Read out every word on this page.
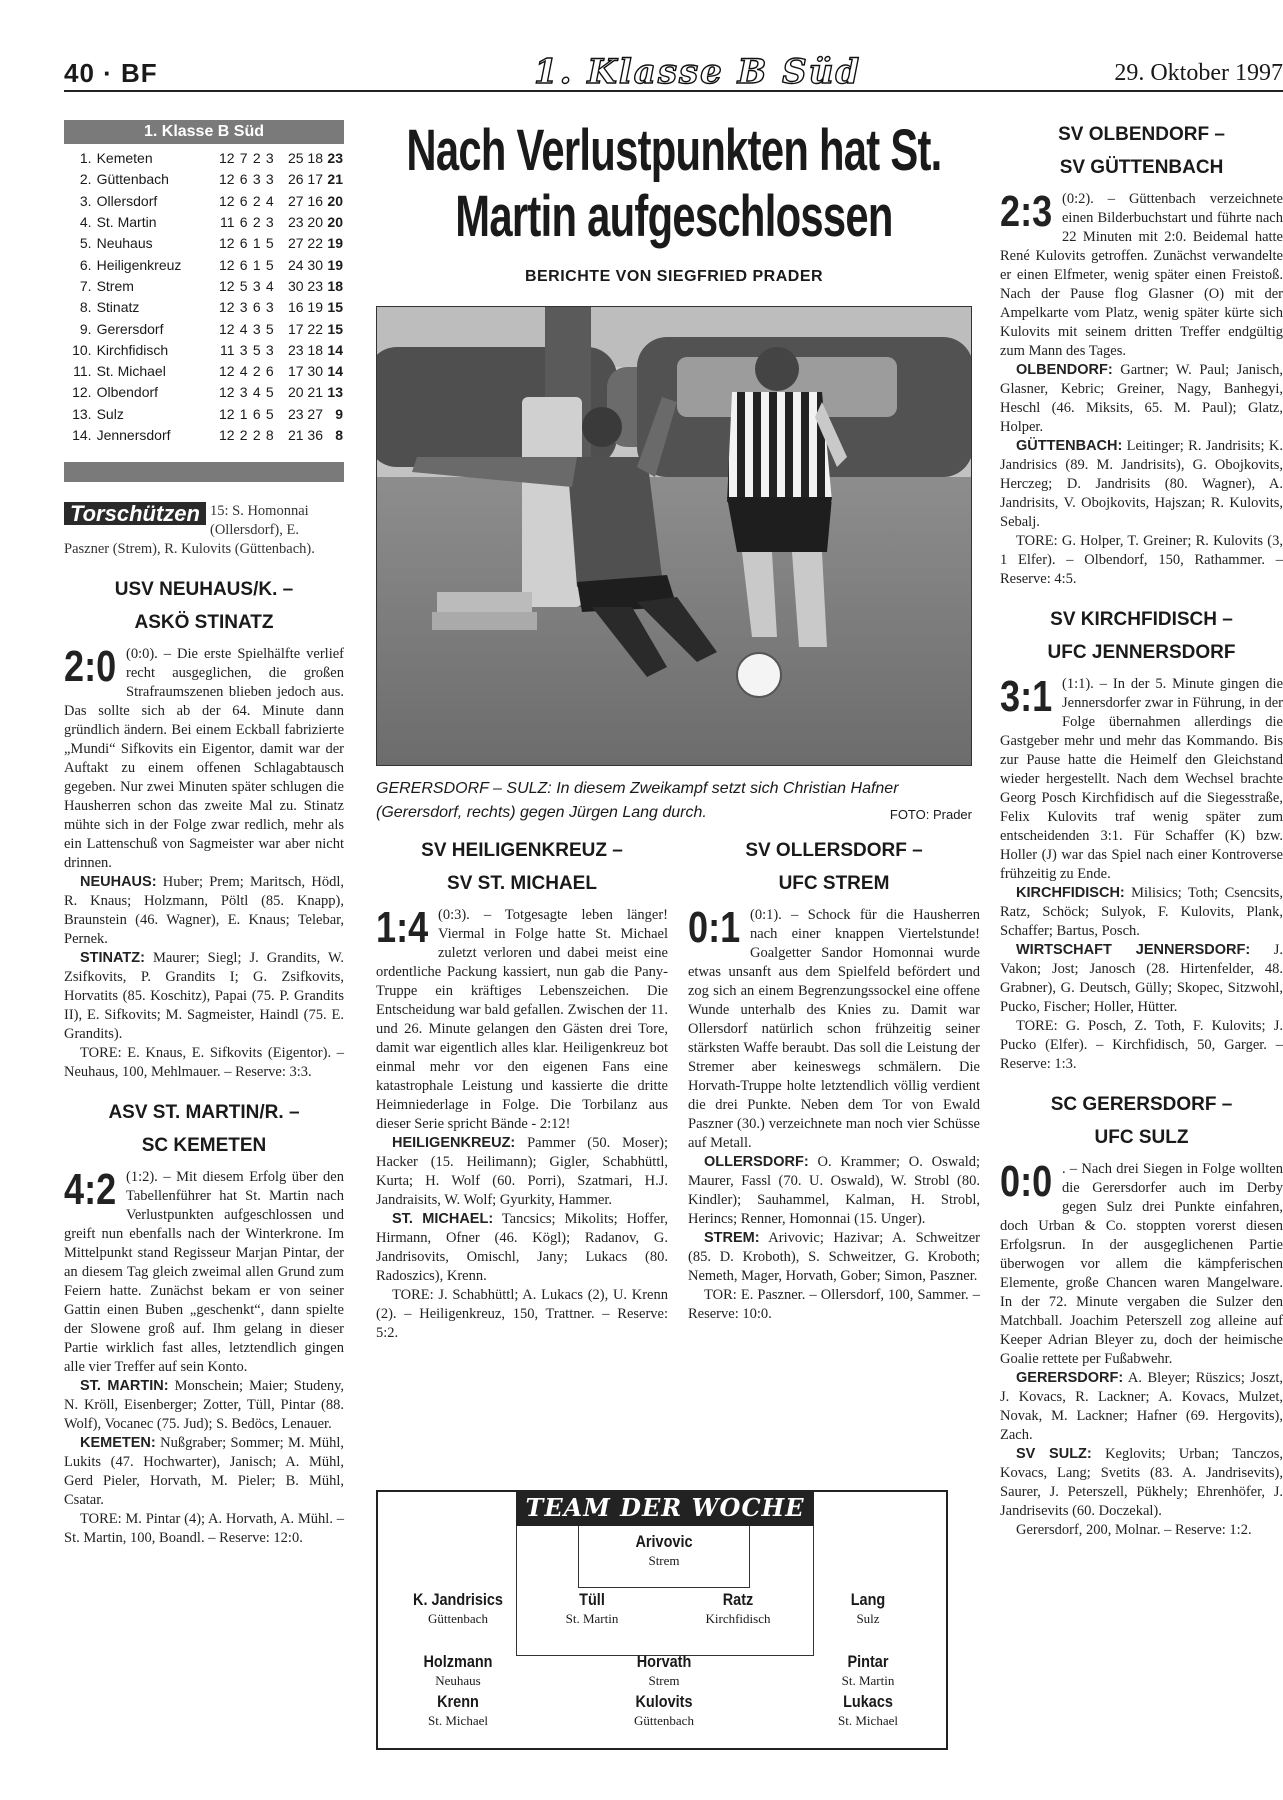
40 · BF	1. Klasse B Süd	29. Oktober 1997
1. Klasse B Süd
1.	Kemeten	12	7	2	3	25 18	23
2.	Güttenbach	12	6	3	3	26 17	21
3.	Ollersdorf	12	6	2	4	27 16	20
4.	St. Martin	11	6	2	3	23 20	20
5.	Neuhaus	12	6	1	5	27 22	19
6.	Heiligenkreuz	12	6	1	5	24 30	19
7.	Strem	12	5	3	4	30 23	18
8.	Stinatz	12	3	6	3	16 19	15
9.	Gerersdorf	12	4	3	5	17 22	15
10.	Kirchfidisch	11	3	5	3	23 18	14
11.	St. Michael	12	4	2	6	17 30	14
12.	Olbendorf	12	3	4	5	20 21	13
13.	Sulz	12	1	6	5	23 27	9
14.	Jennersdorf	12	2	2	8	21 36	8
Torschützen 15: S. Homonnai (Ollersdorf), E. Paszner (Strem), R. Kulovits (Güttenbach).
USV NEUHAUS/K. –
ASKÖ STINATZ

2:0 (0:0). – Die erste Spielhälfte verlief recht ausgeglichen, die großen Strafraumszenen blieben jedoch aus. Das sollte sich ab der 64. Minute dann gründlich ändern. Bei einem Eckball fabrizierte „Mundi“ Sifkovits ein Eigentor, damit war der Auftakt zu einem offenen Schlagabtausch gegeben. Nur zwei Minuten später schlugen die Hausherren schon das zweite Mal zu. Stinatz mühte sich in der Folge zwar redlich, mehr als ein Lattenschuß von Sagmeister war aber nicht drinnen.

NEUHAUS: Huber; Prem; Maritsch, Hödl, R. Knaus; Holzmann, Pöltl (85. Knapp), Braunstein (46. Wagner), E. Knaus; Telebar, Pernek.

STINATZ: Maurer; Siegl; J. Grandits, W. Zsifkovits, P. Grandits I; G. Zsifkovits, Horvatits (85. Koschitz), Papai (75. P. Grandits II), E. Sifkovits; M. Sagmeister, Haindl (75. E. Grandits).

TORE: E. Knaus, E. Sifkovits (Eigentor). – Neuhaus, 100, Mehlmauer. – Reserve: 3:3.

ASV ST. MARTIN/R. –
SC KEMETEN

4:2 (1:2). – Mit diesem Erfolg über den Tabellenführer hat St. Martin nach Verlustpunkten aufgeschlossen und greift nun ebenfalls nach der Winterkrone. Im Mittelpunkt stand Regisseur Marjan Pintar, der an diesem Tag gleich zweimal allen Grund zum Feiern hatte. Zunächst bekam er von seiner Gattin einen Buben „geschenkt“, dann spielte der Slowene groß auf. Ihm gelang in dieser Partie wirklich fast alles, letztendlich gingen alle vier Treffer auf sein Konto.

ST. MARTIN: Monschein; Maier; Studeny, N. Kröll, Eisenberger; Zotter, Tüll, Pintar (88. Wolf), Vocanec (75. Jud); S. Bedöcs, Lenauer.

KEMETEN: Nußgraber; Sommer; M. Mühl, Lukits (47. Hochwarter), Janisch; A. Mühl, Gerd Pieler, Horvath, M. Pieler; B. Mühl, Csatar.

TORE: M. Pintar (4); A. Horvath, A. Mühl. – St. Martin, 100, Boandl. – Reserve: 12:0.

Nach Verlustpunkten hat St. Martin aufgeschlossen
BERICHTE VON SIEGFRIED PRADER
GERERSDORF – SULZ: In diesem Zweikampf setzt sich Christian Hafner (Gerersdorf, rechts) gegen Jürgen Lang durch.	FOTO: Prader
SV HEILIGENKREUZ –
SV ST. MICHAEL

1:4 (0:3). – Totgesagte leben länger! Viermal in Folge hatte St. Michael zuletzt verloren und dabei meist eine ordentliche Packung kassiert, nun gab die Pany-Truppe ein kräftiges Lebenszeichen. Die Entscheidung war bald gefallen. Zwischen der 11. und 26. Minute gelangen den Gästen drei Tore, damit war eigentlich alles klar. Heiligenkreuz bot einmal mehr vor den eigenen Fans eine katastrophale Leistung und kassierte die dritte Heimniederlage in Folge. Die Torbilanz aus dieser Serie spricht Bände - 2:12!

HEILIGENKREUZ: Pammer (50. Moser); Hacker (15. Heilimann); Gigler, Schabhüttl, Kurta; H. Wolf (60. Porri), Szatmari, H.J. Jandraisits, W. Wolf; Gyurkity, Hammer.

ST. MICHAEL: Tancsics; Mikolits; Hoffer, Hirmann, Ofner (46. Kögl); Radanov, G. Jandrisovits, Omischl, Jany; Lukacs (80. Radoszics), Krenn.

TORE: J. Schabhüttl; A. Lukacs (2), U. Krenn (2). – Heiligenkreuz, 150, Trattner. – Reserve: 5:2.

SV OLLERSDORF –
UFC STREM

0:1 (0:1). – Schock für die Hausherren nach einer knappen Viertelstunde! Goalgetter Sandor Homonnai wurde etwas unsanft aus dem Spielfeld befördert und zog sich an einem Begrenzungssockel eine offene Wunde unterhalb des Knies zu. Damit war Ollersdorf natürlich schon frühzeitig seiner stärksten Waffe beraubt. Das soll die Leistung der Stremer aber keineswegs schmälern. Die Horvath-Truppe holte letztendlich völlig verdient die drei Punkte. Neben dem Tor von Ewald Paszner (30.) verzeichnete man noch vier Schüsse auf Metall.

OLLERSDORF: O. Krammer; O. Oswald; Maurer, Fassl (70. U. Oswald), W. Strobl (80. Kindler); Sauhammel, Kalman, H. Strobl, Herincs; Renner, Homonnai (15. Unger).

STREM: Arivovic; Hazivar; A. Schweitzer (85. D. Kroboth), S. Schweitzer, G. Kroboth; Nemeth, Mager, Horvath, Gober; Simon, Paszner.

TOR: E. Paszner. – Ollersdorf, 100, Sammer. – Reserve: 10:0.

TEAM DER WOCHE
Arivovic
Strem
K. Jandrisics
Güttenbach
Tüll
St. Martin
Ratz
Kirchfidisch
Lang
Sulz
Holzmann
Neuhaus
Horvath
Strem
Pintar
St. Martin
Krenn
St. Michael
Kulovits
Güttenbach
Lukacs
St. Michael
SV OLBENDORF –
SV GÜTTENBACH

2:3 (0:2). – Güttenbach verzeichnete einen Bilderbuchstart und führte nach 22 Minuten mit 2:0. Beidemal hatte René Kulovits getroffen. Zunächst verwandelte er einen Elfmeter, wenig später einen Freistoß. Nach der Pause flog Glasner (O) mit der Ampelkarte vom Platz, wenig später kürte sich Kulovits mit seinem dritten Treffer endgültig zum Mann des Tages.

OLBENDORF: Gartner; W. Paul; Janisch, Glasner, Kebric; Greiner, Nagy, Banhegyi, Heschl (46. Miksits, 65. M. Paul); Glatz, Holper.

GÜTTENBACH: Leitinger; R. Jandrisits; K. Jandrisics (89. M. Jandrisits), G. Obojkovits, Herczeg; D. Jandrisits (80. Wagner), A. Jandrisits, V. Obojkovits, Hajszan; R. Kulovits, Sebalj.

TORE: G. Holper, T. Greiner; R. Kulovits (3, 1 Elfer). – Olbendorf, 150, Rathammer. – Reserve: 4:5.

SV KIRCHFIDISCH –
UFC JENNERSDORF

3:1 (1:1). – In der 5. Minute gingen die Jennersdorfer zwar in Führung, in der Folge übernahmen allerdings die Gastgeber mehr und mehr das Kommando. Bis zur Pause hatte die Heimelf den Gleichstand wieder hergestellt. Nach dem Wechsel brachte Georg Posch Kirchfidisch auf die Siegesstraße, Felix Kulovits traf wenig später zum entscheidenden 3:1. Für Schaffer (K) bzw. Holler (J) war das Spiel nach einer Kontroverse frühzeitig zu Ende.

KIRCHFIDISCH: Milisics; Toth; Csencsits, Ratz, Schöck; Sulyok, F. Kulovits, Plank, Schaffer; Bartus, Posch.

WIRTSCHAFT JENNERSDORF: J. Vakon; Jost; Janosch (28. Hirtenfelder, 48. Grabner), G. Deutsch, Gülly; Skopec, Sitzwohl, Pucko, Fischer; Holler, Hütter.

TORE: G. Posch, Z. Toth, F. Kulovits; J. Pucko (Elfer). – Kirchfidisch, 50, Garger. – Reserve: 1:3.

SC GERERSDORF –
UFC SULZ

0:0 . – Nach drei Siegen in Folge wollten die Gerersdorfer auch im Derby gegen Sulz drei Punkte einfahren, doch Urban & Co. stoppten vorerst diesen Erfolgsrun. In der ausgeglichenen Partie überwogen vor allem die kämpferischen Elemente, große Chancen waren Mangelware. In der 72. Minute vergaben die Sulzer den Matchball. Joachim Peterszell zog alleine auf Keeper Adrian Bleyer zu, doch der heimische Goalie rettete per Fußabwehr.

GERERSDORF: A. Bleyer; Rüszics; Joszt, J. Kovacs, R. Lackner; A. Kovacs, Mulzet, Novak, M. Lackner; Hafner (69. Hergovits), Zach.

SV SULZ: Keglovits; Urban; Tanczos, Kovacs, Lang; Svetits (83. A. Jandrisevits), Saurer, J. Peterszell, Pükhely; Ehrenhöfer, J. Jandrisevits (60. Doczekal).

Gerersdorf, 200, Molnar. – Reserve: 1:2.
